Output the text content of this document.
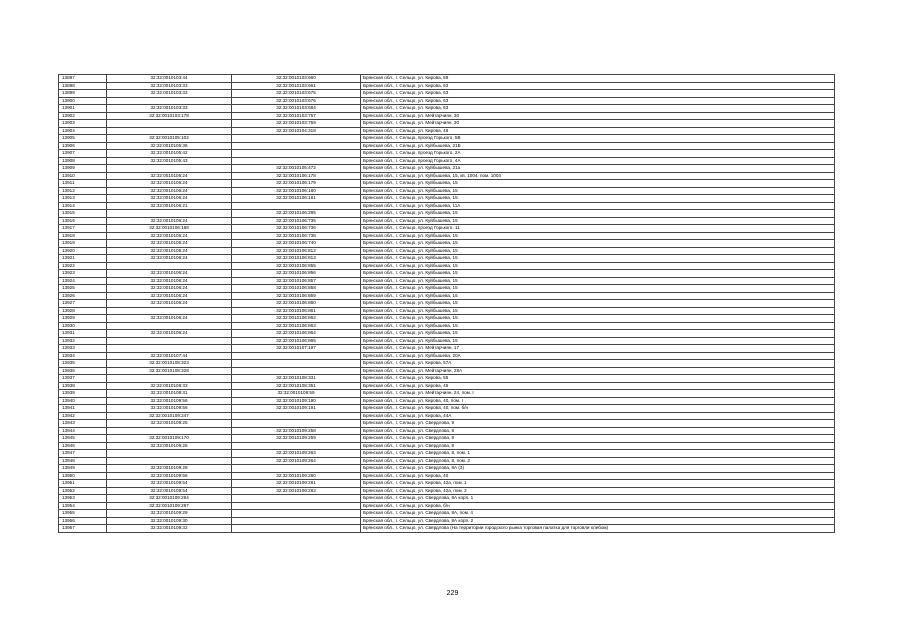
13897	32:32:0010103:44	32:32:0010103:660	Брянская обл., г. Сельцо, ул. Кирова, 59
13898	32:32:0010103:33	32:32:0010103:661	Брянская обл., г. Сельцо, ул. Кирова, 63
13899	32:32:0010103:33	32:32:0010103:675	Брянская обл., г. Сельцо, ул. Кирова, 63
13900		32:32:0010103:676	Брянская обл., г. Сельцо, ул. Кирова, 63
13901	32:32:0010103:33	32:32:0010103:684	Брянская обл., г. Сельцо, ул. Кирова, 63
13902	32:32:0010103:178	32:32:0010103:757	Брянская обл., г. Сельцо, ул. Мейтарчиян, 30
13903		32:32:0010103:759	Брянская обл., г. Сельцо, ул. Мейтарчиян, 30
13904		32:32:0010104:318	Брянская обл., г. Сельцо, ул. Кирова, 46
13905	32:32:0010105:102		Брянская обл., г. Сельцо, проезд Горького, 5В
13906	32:32:0010105:36		Брянская обл., г. Сельцо, ул. Куйбышева, 21Б
13907	32:32:0010105:42		Брянская обл., г. Сельцо, проезд Горького, 2А
13908	32:32:0010105:43		Брянская обл., г. Сельцо, проезд Горького, 4А
13909		32:32:0010105:472	Брянская обл., г. Сельцо, ул. Куйбышева, 21а
13910	32:32:0010106:24	32:32:0010106:178	Брянская обл., г. Сельцо, ул. Куйбышева, 15, кв. 1004, пом. 1004
13911	32:32:0010106:24	32:32:0010106:179	Брянская обл., г. Сельцо, ул. Куйбышева, 15
13912	32:32:0010106:24	32:32:0010106:180	Брянская обл., г. Сельцо, ул. Куйбышева, 15
13913	32:32:0010106:24	32:32:0010106:181	Брянская обл., г. Сельцо, ул. Куйбышева, 15
13914	32:32:0010106:21		Брянская обл., г. Сельцо, ул. Куйбышева, 11А
13915		32:32:0010106:285	Брянская обл., г. Сельцо, ул. Куйбышева, 15
13916	32:32:0010106:24	32:32:0010106:735	Брянская обл., г. Сельцо, ул. Куйбышева, 15
13917	32:32:0010106:188	32:32:0010106:736	Брянская обл., г. Сельцо, проезд Горького, 11
13918	32:32:0010106:24	32:32:0010106:738	Брянская обл., г. Сельцо, ул. Куйбышева, 15
13919	32:32:0010106:24	32:32:0010106:740	Брянская обл., г. Сельцо, ул. Куйбышева, 15
13920	32:32:0010106:24	32:32:0010106:812	Брянская обл., г. Сельцо, ул. Куйбышева, 15
13921	32:32:0010106:24	32:32:0010106:813	Брянская обл., г. Сельцо, ул. Куйбышева, 15
13922		32:32:0010106:855	Брянская обл., г. Сельцо, ул. Куйбышева, 15
13923	32:32:0010106:24	32:32:0010106:856	Брянская обл., г. Сельцо, ул. Куйбышева, 15
13924	32:32:0010106:24	32:32:0010106:857	Брянская обл., г. Сельцо, ул. Куйбышева, 15
13925	32:32:0010106:24	32:32:0010106:858	Брянская обл., г. Сельцо, ул. Куйбышева, 15
13926	32:32:0010106:24	32:32:0010106:859	Брянская обл., г. Сельцо, ул. Куйбышева, 15
13927	32:32:0010106:24	32:32:0010106:860	Брянская обл., г. Сельцо, ул. Куйбышева, 15
13928		32:32:0010106:861	Брянская обл., г. Сельцо, ул. Куйбышева, 15
13929	32:32:0010106:24	32:32:0010106:862	Брянская обл., г. Сельцо, ул. Куйбышева, 15
13930		32:32:0010106:863	Брянская обл., г. Сельцо, ул. Куйбышева, 15
13931	32:32:0010106:24	32:32:0010106:864	Брянская обл., г. Сельцо, ул. Куйбышева, 15
13932		32:32:0010106:865	Брянская обл., г. Сельцо, ул. Куйбышева, 15
13933		32:32:0010107:197	Брянская обл., г. Сельцо, ул. Мейтарчиян, 17
13934	32:32:0010107:44		Брянская обл., г. Сельцо, ул. Куйбышева, 20А
13935	32:32:0010108:323		Брянская обл., г. Сельцо, ул. Кирова, 57А
13936	32:32:0010108:328		Брянская обл., г. Сельцо, ул. Мейтарчиян, 28А
13937		32:32:0010108:331	Брянская обл., г. Сельцо, ул. Кирова, 55
13938	32:32:0010108:33	32:32:0010108:351	Брянская обл., г. Сельцо, ул. Кирова, 45
13939	32:32:0010108:31	32:32:0010108:59	Брянская обл., г. Сельцо, ул. Мейтарчиян, 24, пом. I
13940	32:32:0010109:56	32:32:0010109:190	Брянская обл., г. Сельцо, ул. Кирова, 40, пом. I
13941	32:32:0010109:56	32:32:0010109:191	Брянская обл., г. Сельцо, ул. Кирова, 40, пом. б/н
13942	32:32:0010109:247		Брянская обл., г. Сельцо, ул. Кирова, 44А
13943	32:32:0010109:25		Брянская обл., г. Сельцо, ул. Свердлова, 9
13944		32:32:0010109:258	Брянская обл., г. Сельцо, ул. Свердлова, 8
13945	32:32:0010109:170	32:32:0010109:259	Брянская обл., г. Сельцо, ул. Свердлова, 8
13946	32:32:0010109:26		Брянская обл., г. Сельцо, ул. Свердлова, 8
13947		32:32:0010109:263	Брянская обл., г. Сельцо, ул. Свердлова, 8, пом. 1
13948		32:32:0010109:264	Брянская обл., г. Сельцо, ул. Свердлова, 8, пом. 2
13949	32:32:0010109:28		Брянская обл., г. Сельцо, ул. Свердлова, 8А (3)
13950	32:32:0010109:56	32:32:0010109:280	Брянская обл., г. Сельцо, ул. Кирова, 40
13951	32:32:0010109:54	32:32:0010109:281	Брянская обл., г. Сельцо, ул. Кирова, 42а, пом. 1
13952	32:32:0010109:54	32:32:0010109:282	Брянская обл., г. Сельцо, ул. Кирова, 42а, пом. 2
13953	32:32:0010109:284		Брянская обл., г. Сельцо, ул. Свердлова, 8А корп. 1
13954	32:32:0010109:287		Брянская обл., г. Сельцо, ул. Кирова, б/н
13955	32:32:0010109:29		Брянская обл., г. Сельцо, ул. Свердлова, 8А, пом. 4
13956	32:32:0010109:30		Брянская обл., г. Сельцо, ул. Свердлова, 8А корп. 2
13957	32:32:0010109:32		Брянская обл., г. Сельцо, ул. Свердлова (На территории городского рынка торговая палатка для торговли хлебом)
229
